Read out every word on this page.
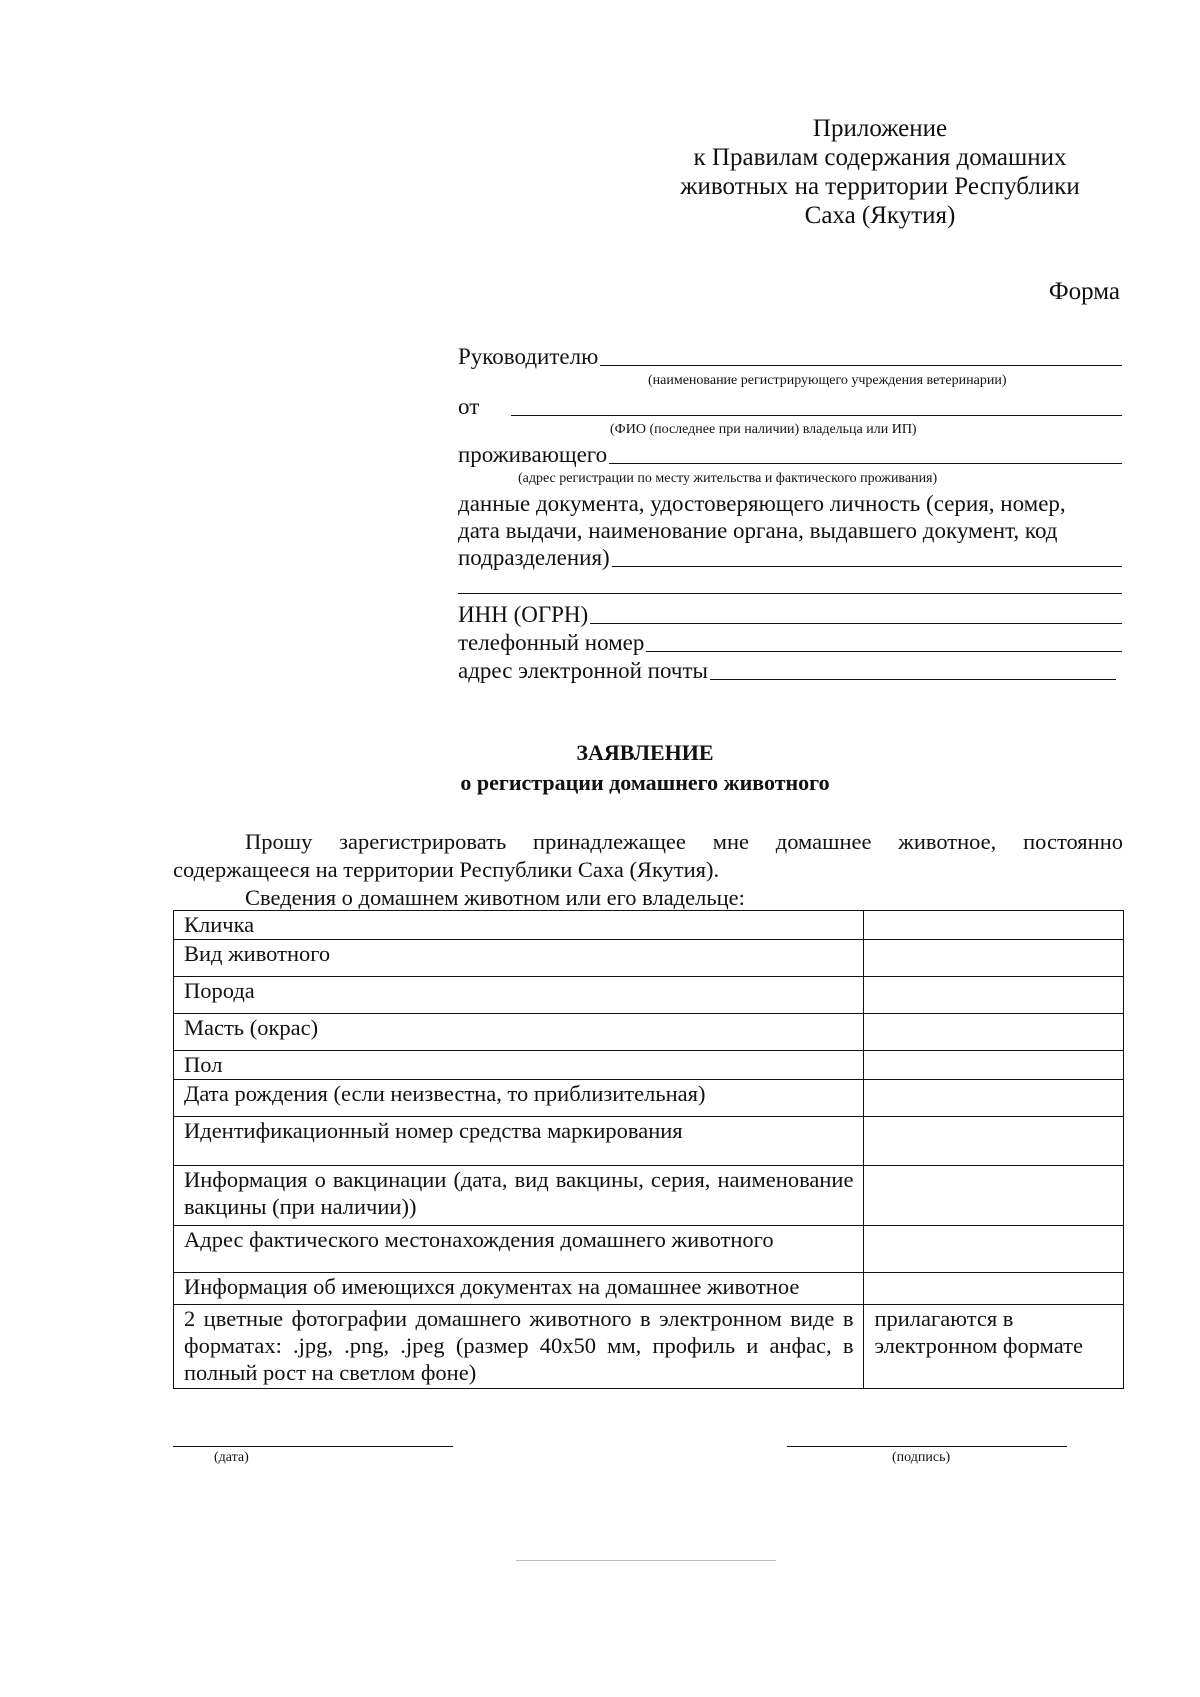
Приложение
к Правилам содержания домашних
животных на территории Республики
Саха (Якутия)
Форма
Руководителю
(наименование регистрирующего учреждения ветеринарии)
от
(ФИО (последнее при наличии) владельца или ИП)
проживающего
(адрес регистрации по месту жительства и фактического проживания)
данные документа, удостоверяющего личность (серия, номер,
дата выдачи, наименование органа, выдавшего документ, код
подразделения)
ИНН (ОГРН)
телефонный номер
адрес электронной почты
ЗАЯВЛЕНИЕ
о регистрации домашнего животного
Прошу зарегистрировать принадлежащее мне домашнее животное, постоянно содержащееся на территории Республики Саха (Якутия).
Сведения о домашнем животном или его владельце:
Кличка	
Вид животного	
Порода	
Масть (окрас)	
Пол	
Дата рождения (если неизвестна, то приблизительная)	
Идентификационный номер средства маркирования	
Информация о вакцинации (дата, вид вакцины, серия, наименование вакцины (при наличии))	
Адрес фактического местонахождения домашнего животного	
Информация об имеющихся документах на домашнее животное	
2 цветные фотографии домашнего животного в электронном виде в форматах: .jpg, .png, .jpeg (размер 40x50 мм, профиль и анфас, в полный рост на светлом фоне)	прилагаются в электронном формате
(дата)	(подпись)
